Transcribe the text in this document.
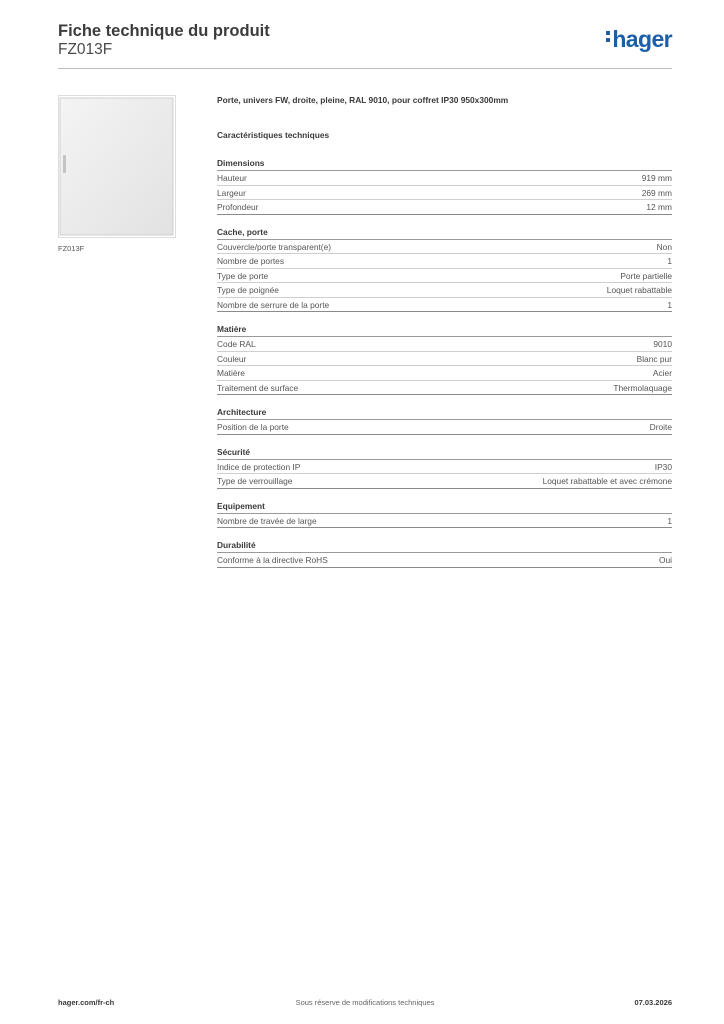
Fiche technique du produit
FZ013F	hager
FZ013F
Porte, univers FW, droite, pleine, RAL 9010, pour coffret IP30 950x300mm
Caractéristiques techniques
Dimensions
Hauteur	919 mm
Largeur	269 mm
Profondeur	12 mm
Cache, porte
Couvercle/porte transparent(e)	Non
Nombre de portes	1
Type de porte	Porte partielle
Type de poignée	Loquet rabattable
Nombre de serrure de la porte	1
Matière
Code RAL	9010
Couleur	Blanc pur
Matière	Acier
Traitement de surface	Thermolaquage
Architecture
Position de la porte	Droite
Sécurité
Indice de protection IP	IP30
Type de verrouillage	Loquet rabattable et avec crémone
Equipement
Nombre de travée de large	1
Durabilité
Conforme à la directive RoHS	Oui
hager.com/fr-ch	Sous réserve de modifications techniques	07.03.2026
